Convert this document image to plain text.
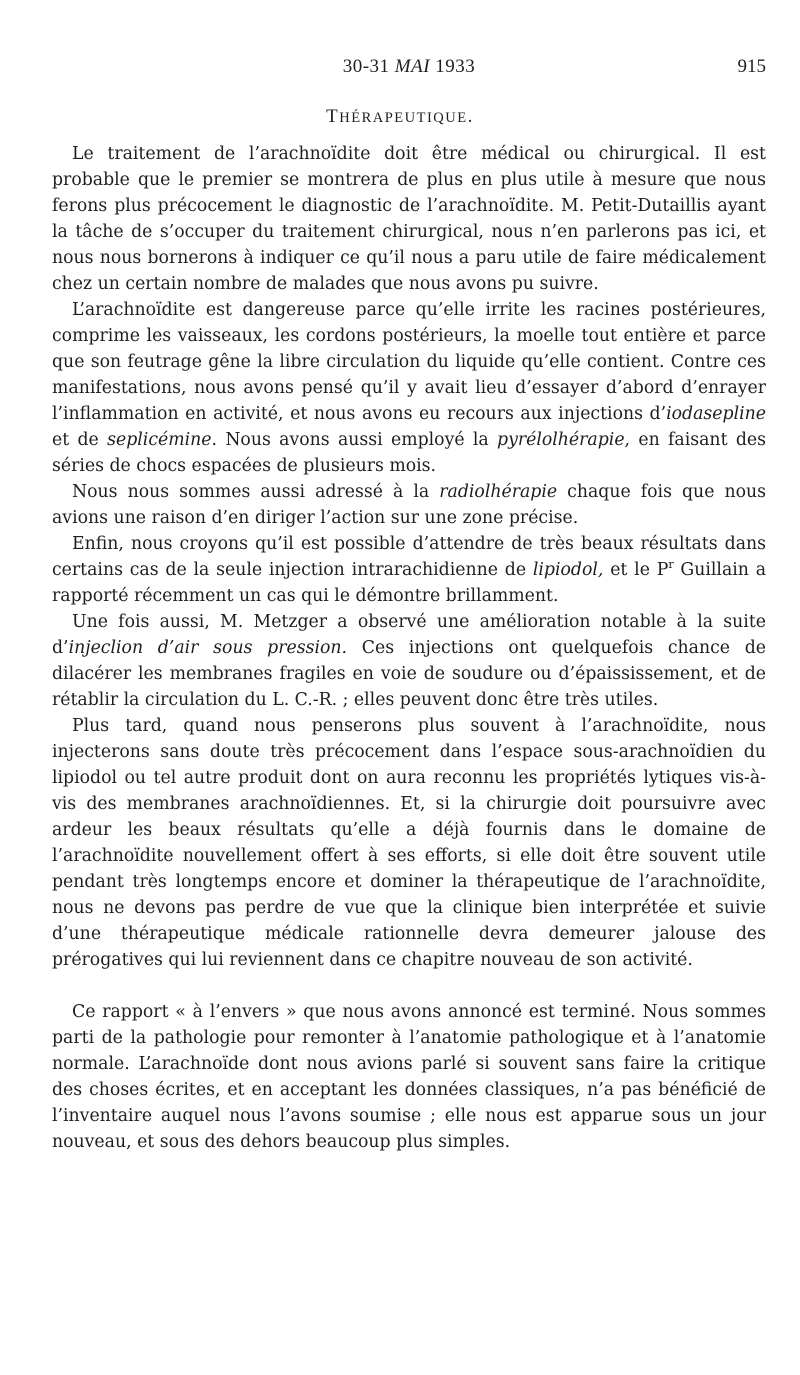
30-31 MAI 1933	915
THÉRAPEUTIQUE.

Le traitement de l’arachnoïdite doit être médical ou chirurgical. Il est probable que le premier se montrera de plus en plus utile à mesure que nous ferons plus précocement le diagnostic de l’arachnoïdite. M. Petit-Dutaillis ayant la tâche de s’occuper du traitement chirurgical, nous n’en parlerons pas ici, et nous nous bornerons à indiquer ce qu’il nous a paru utile de faire médicalement chez un certain nombre de malades que nous avons pu suivre.

L’arachnoïdite est dangereuse parce qu’elle irrite les racines postérieures, comprime les vaisseaux, les cordons postérieurs, la moelle tout entière et parce que son feutrage gêne la libre circulation du liquide qu’elle contient. Contre ces manifestations, nous avons pensé qu’il y avait lieu d’essayer d’abord d’enrayer l’inflammation en activité, et nous avons eu recours aux injections d’iodasepline et de seplicémine. Nous avons aussi employé la pyrélolhérapie, en faisant des séries de chocs espacées de plusieurs mois.

Nous nous sommes aussi adressé à la radiolhérapie chaque fois que nous avions une raison d’en diriger l’action sur une zone précise.

Enfin, nous croyons qu’il est possible d’attendre de très beaux résultats dans certains cas de la seule injection intrarachidienne de lipiodol, et le $P^r$ Guillain a rapporté récemment un cas qui le démontre brillamment.

Une fois aussi, M. Metzger a observé une amélioration notable à la suite d’injeclion d’air sous pression. Ces injections ont quelquefois chance de dilacérer les membranes fragiles en voie de soudure ou d’épaississement, et de rétablir la circulation du L. C.-R. ; elles peuvent donc être très utiles.

Plus tard, quand nous penserons plus souvent à l’arachnoïdite, nous injecterons sans doute très précocement dans l’espace sous-arachnoïdien du lipiodol ou tel autre produit dont on aura reconnu les propriétés lytiques vis-à-vis des membranes arachnoïdiennes. Et, si la chirurgie doit poursuivre avec ardeur les beaux résultats qu’elle a déjà fournis dans le domaine de l’arachnoïdite nouvellement offert à ses efforts, si elle doit être souvent utile pendant très longtemps encore et dominer la thérapeutique de l’arachnoïdite, nous ne devons pas perdre de vue que la clinique bien interprétée et suivie d’une thérapeutique médicale rationnelle devra demeurer jalouse des prérogatives qui lui reviennent dans ce chapitre nouveau de son activité.

Ce rapport « à l’envers » que nous avons annoncé est terminé. Nous sommes parti de la pathologie pour remonter à l’anatomie pathologique et à l’anatomie normale. L’arachnoïde dont nous avions parlé si souvent sans faire la critique des choses écrites, et en acceptant les données classiques, n’a pas bénéficié de l’inventaire auquel nous l’avons soumise ; elle nous est apparue sous un jour nouveau, et sous des dehors beaucoup plus simples.
